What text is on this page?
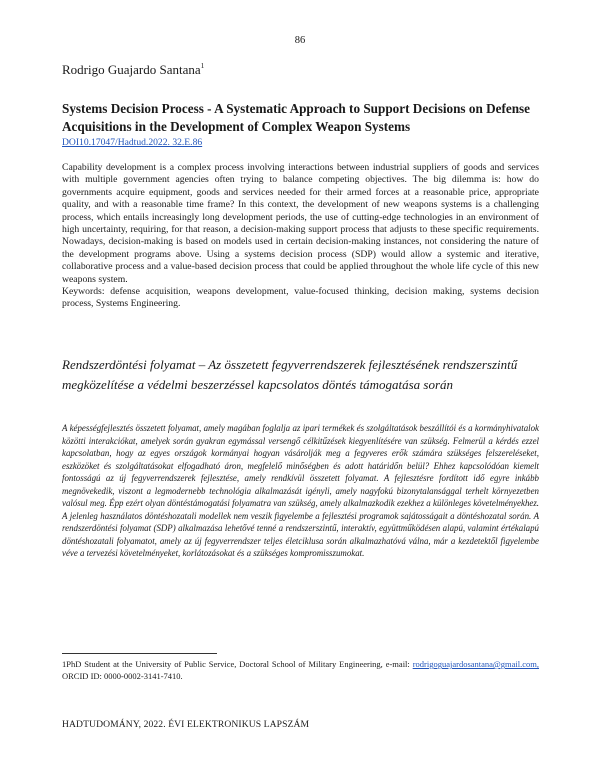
86
Rodrigo Guajardo Santana$^1$
Systems Decision Process - A Systematic Approach to Support Decisions on Defense Acquisitions in the Development of Complex Weapon Systems
DOI10.17047/Hadtud.2022. 32.E.86

Capability development is a complex process involving interactions between industrial suppliers of goods and services with multiple government agencies often trying to balance competing objectives. The big dilemma is: how do governments acquire equipment, goods and services needed for their armed forces at a reasonable price, appropriate quality, and with a reasonable time frame? In this context, the development of new weapons systems is a challenging process, which entails increasingly long development periods, the use of cutting-edge technologies in an environment of high uncertainty, requiring, for that reason, a decision-making support process that adjusts to these specific requirements. Nowadays, decision-making is based on models used in certain decision-making instances, not considering the nature of the development programs above. Using a systems decision process (SDP) would allow a systemic and iterative, collaborative process and a value-based decision process that could be applied throughout the whole life cycle of this new weapons system.

Keywords: defense acquisition, weapons development, value-focused thinking, decision making, systems decision process, Systems Engineering.

Rendszerdöntési folyamat – Az összetett fegyverrendszerek fejlesztésének rendszerszintű megközelítése a védelmi beszerzéssel kapcsolatos döntés támogatása során

A képességfejlesztés összetett folyamat, amely magában foglalja az ipari termékek és szolgáltatások beszállítói és a kormányhivatalok közötti interakciókat, amelyek során gyakran egymással versengő célkitűzések kiegyenlítésére van szükség. Felmerül a kérdés ezzel kapcsolatban, hogy az egyes országok kormányai hogyan vásárolják meg a fegyveres erők számára szükséges felszereléseket, eszközöket és szolgáltatásokat elfogadható áron, megfelelő minőségben és adott határidőn belül? Ehhez kapcsolódóan kiemelt fontosságú az új fegyverrendszerek fejlesztése, amely rendkívül összetett folyamat. A fejlesztésre fordított idő egyre inkább megnövekedik, viszont a legmodernebb technológia alkalmazását igényli, amely nagyfokú bizonytalansággal terhelt környezetben valósul meg. Épp ezért olyan döntéstámogatási folyamatra van szükség, amely alkalmazkodik ezekhez a különleges követelményekhez. A jelenleg használatos döntéshozatali modellek nem veszik figyelembe a fejlesztési programok sajátosságait a döntéshozatal során. A rendszerdöntési folyamat (SDP) alkalmazása lehetővé tenné a rendszerszintű, interaktív, együttműködésen alapú, valamint értékalapú döntéshozatali folyamatot, amely az új fegyverrendszer teljes életciklusa során alkalmazhatóvá válna, már a kezdetektől figyelembe véve a tervezési követelményeket, korlátozásokat és a szükséges kompromisszumokat.

1PhD Student at the University of Public Service, Doctoral School of Military Engineering, e-mail: rodrigoguajardosantana@gmail.com, ORCID ID: 0000-0002-3141-7410.
HADTUDOMÁNY, 2022. ÉVI ELEKTRONIKUS LAPSZÁM
